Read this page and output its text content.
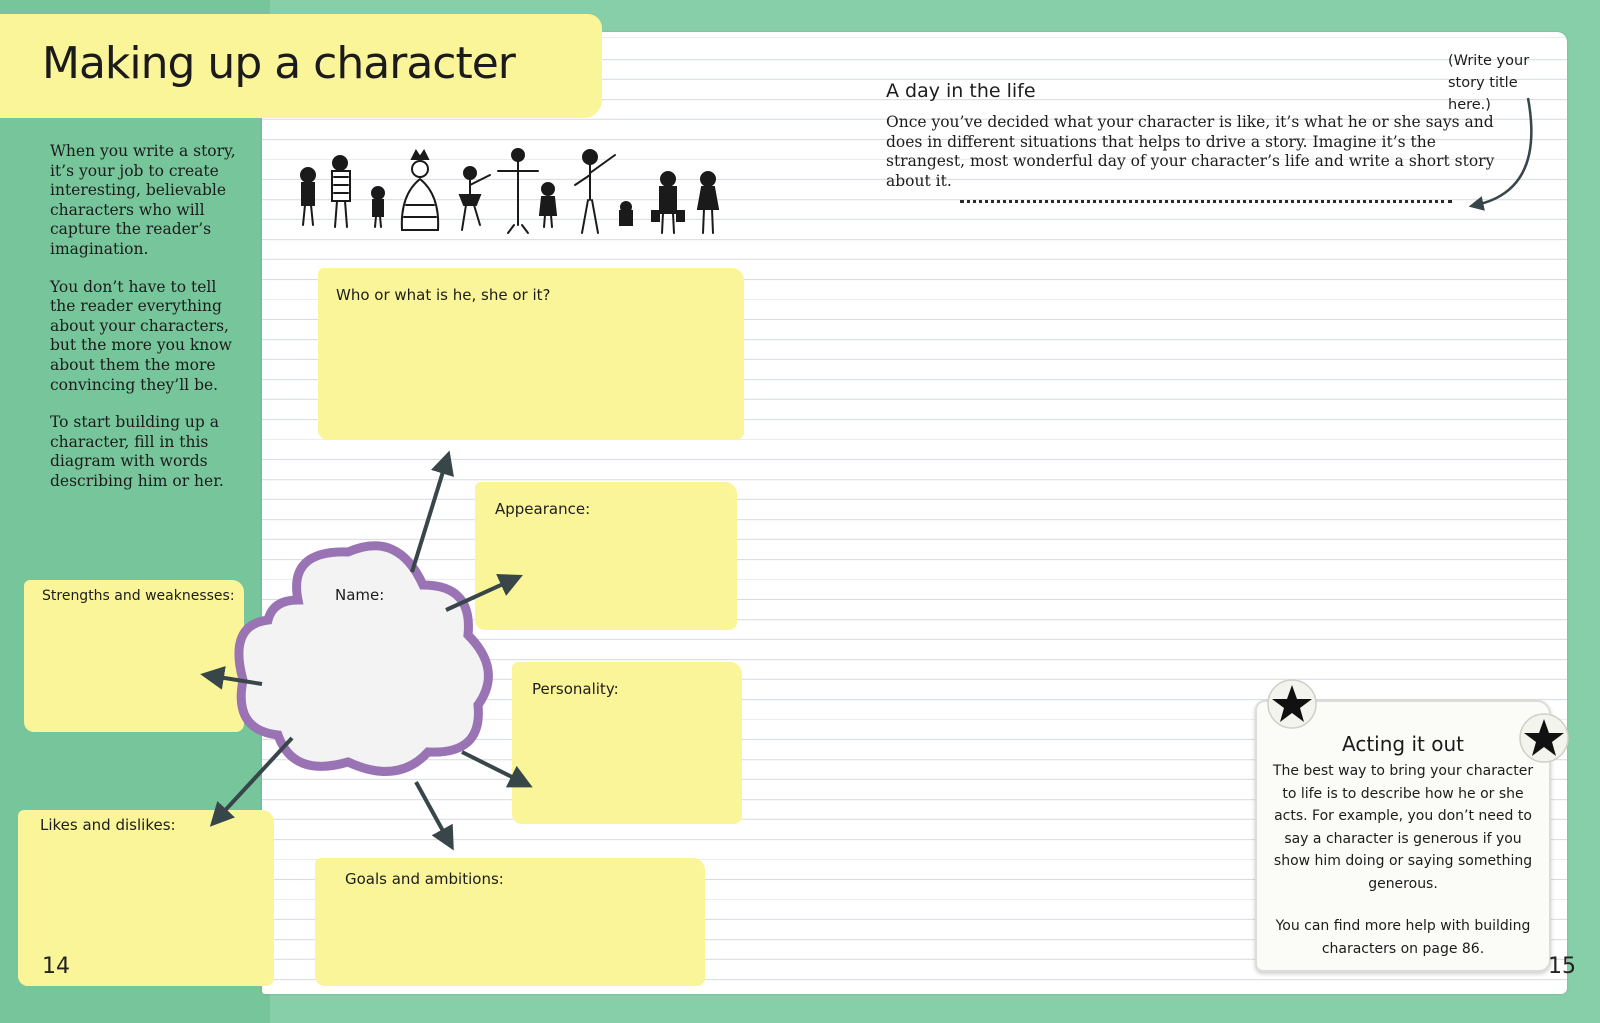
Making up a character

When you write a story, it’s your job to create interesting, believable characters who will capture the reader’s imagination.

You don’t have to tell the reader everything about your characters, but the more you know about them the more convincing they’ll be.

To start building up a character, fill in this diagram with words describing him or her.

Who or what is he, she or it?
Appearance:
Personality:
Goals and ambitions:
Likes and dislikes:
Strengths and weaknesses:	Name:
14
A day in the life
Once you’ve decided what your character is like, it’s what he or she says and does in different situations that helps to drive a story. Imagine it’s the strangest, most wonderful day of your character’s life and write a short story about it.
(Write your story title here.)
Acting it out

The best way to bring your character to life is to describe how he or she acts. For example, you don’t need to say a character is generous if you show him doing or saying something generous.

You can find more help with building characters on page 86.

15
